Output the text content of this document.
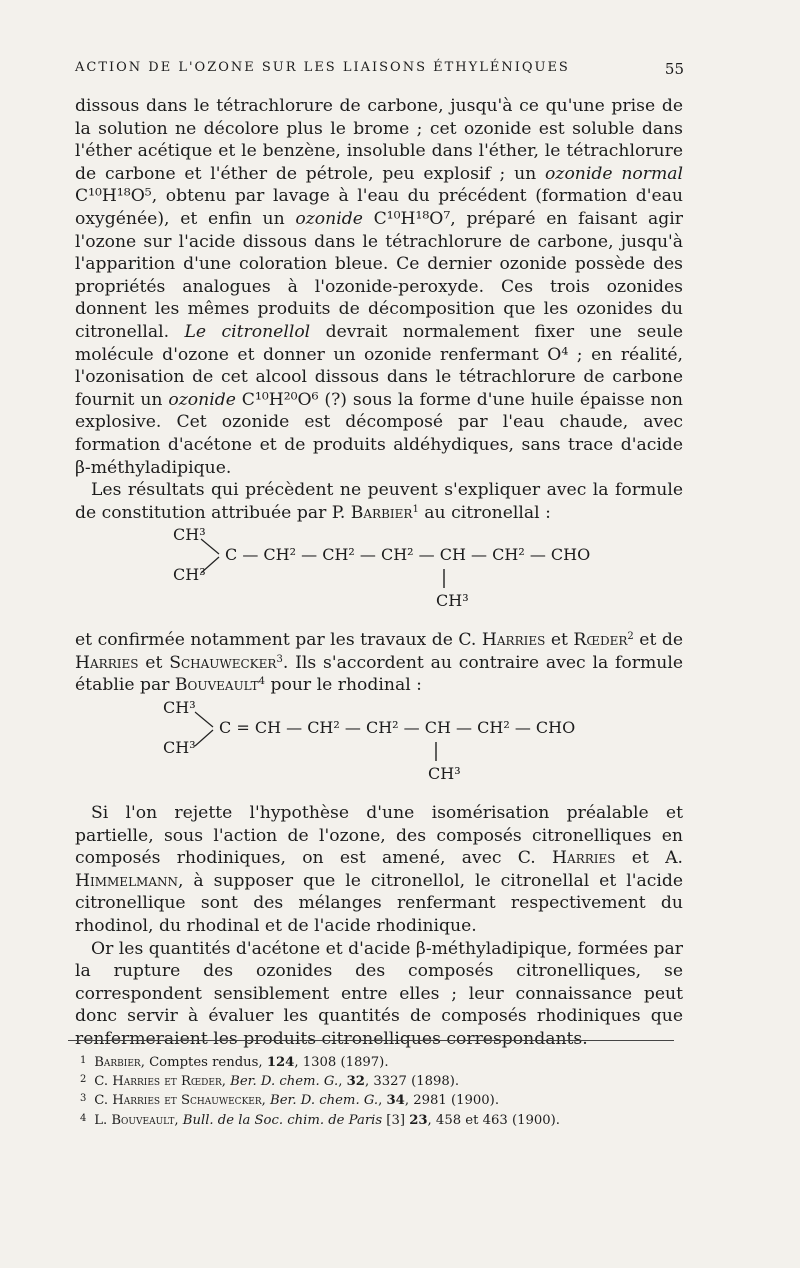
ACTION DE L'OZONE SUR LES LIAISONS ÉTHYLÉNIQUES	55

dissous dans le tétrachlorure de carbone, jusqu'à ce qu'une prise de la solution ne décolore plus le brome ; cet ozonide est soluble dans l'éther acétique et le benzène, insoluble dans l'éther, le tétrachlorure de carbone et l'éther de pétrole, peu explosif ; un ozonide normal C¹⁰H¹⁸O⁵, obtenu par lavage à l'eau du précédent (formation d'eau oxygénée), et enfin un ozonide C¹⁰H¹⁸O⁷, préparé en faisant agir l'ozone sur l'acide dissous dans le tétrachlorure de carbone, jusqu'à l'apparition d'une coloration bleue. Ce dernier ozonide possède des propriétés analogues à l'ozonide-peroxyde. Ces trois ozonides donnent les mêmes produits de décomposition que les ozonides du citronellal. Le citronellol devrait normalement fixer une seule molécule d'ozone et donner un ozonide renfermant O⁴ ; en réalité, l'ozonisation de cet alcool dissous dans le tétrachlorure de carbone fournit un ozonide C¹⁰H²⁰O⁶ (?) sous la forme d'une huile épaisse non explosive. Cet ozonide est décomposé par l'eau chaude, avec formation d'acétone et de produits aldéhydiques, sans trace d'acide β-méthyladipique.

Les résultats qui précèdent ne peuvent s'expliquer avec la formule de constitution attribuée par P. Barbier$^1$ au citronellal :

CH³
CH³
C — CH² — CH² — CH² — CH — CH² — CHO
CH³

et confirmée notamment par les travaux de C. Harries et Rœder$^2$ et de Harries et Schauwecker$^3$. Ils s'accordent au contraire avec la formule établie par Bouveault$^4$ pour le rhodinal :

CH³
CH³
C = CH — CH² — CH² — CH — CH² — CHO
CH³

Si l'on rejette l'hypothèse d'une isomérisation préalable et partielle, sous l'action de l'ozone, des composés citronelliques en composés rhodiniques, on est amené, avec C. Harries et A. Himmelmann, à supposer que le citronellol, le citronellal et l'acide citronellique sont des mélanges renfermant respectivement du rhodinol, du rhodinal et de l'acide rhodinique.

Or les quantités d'acétone et d'acide β-méthyladipique, formées par la rupture des ozonides des composés citronelliques, se correspondent sensiblement entre elles ; leur connaissance peut donc servir à évaluer les quantités de composés rhodiniques que renfermeraient les produits citronelliques correspondants.

1 Barbier, Comptes rendus, 124, 1308 (1897).
2 C. Harries et Rœder, Ber. D. chem. G., 32, 3327 (1898).
3 C. Harries et Schauwecker, Ber. D. chem. G., 34, 2981 (1900).
4 L. Bouveault, Bull. de la Soc. chim. de Paris [3] 23, 458 et 463 (1900).
